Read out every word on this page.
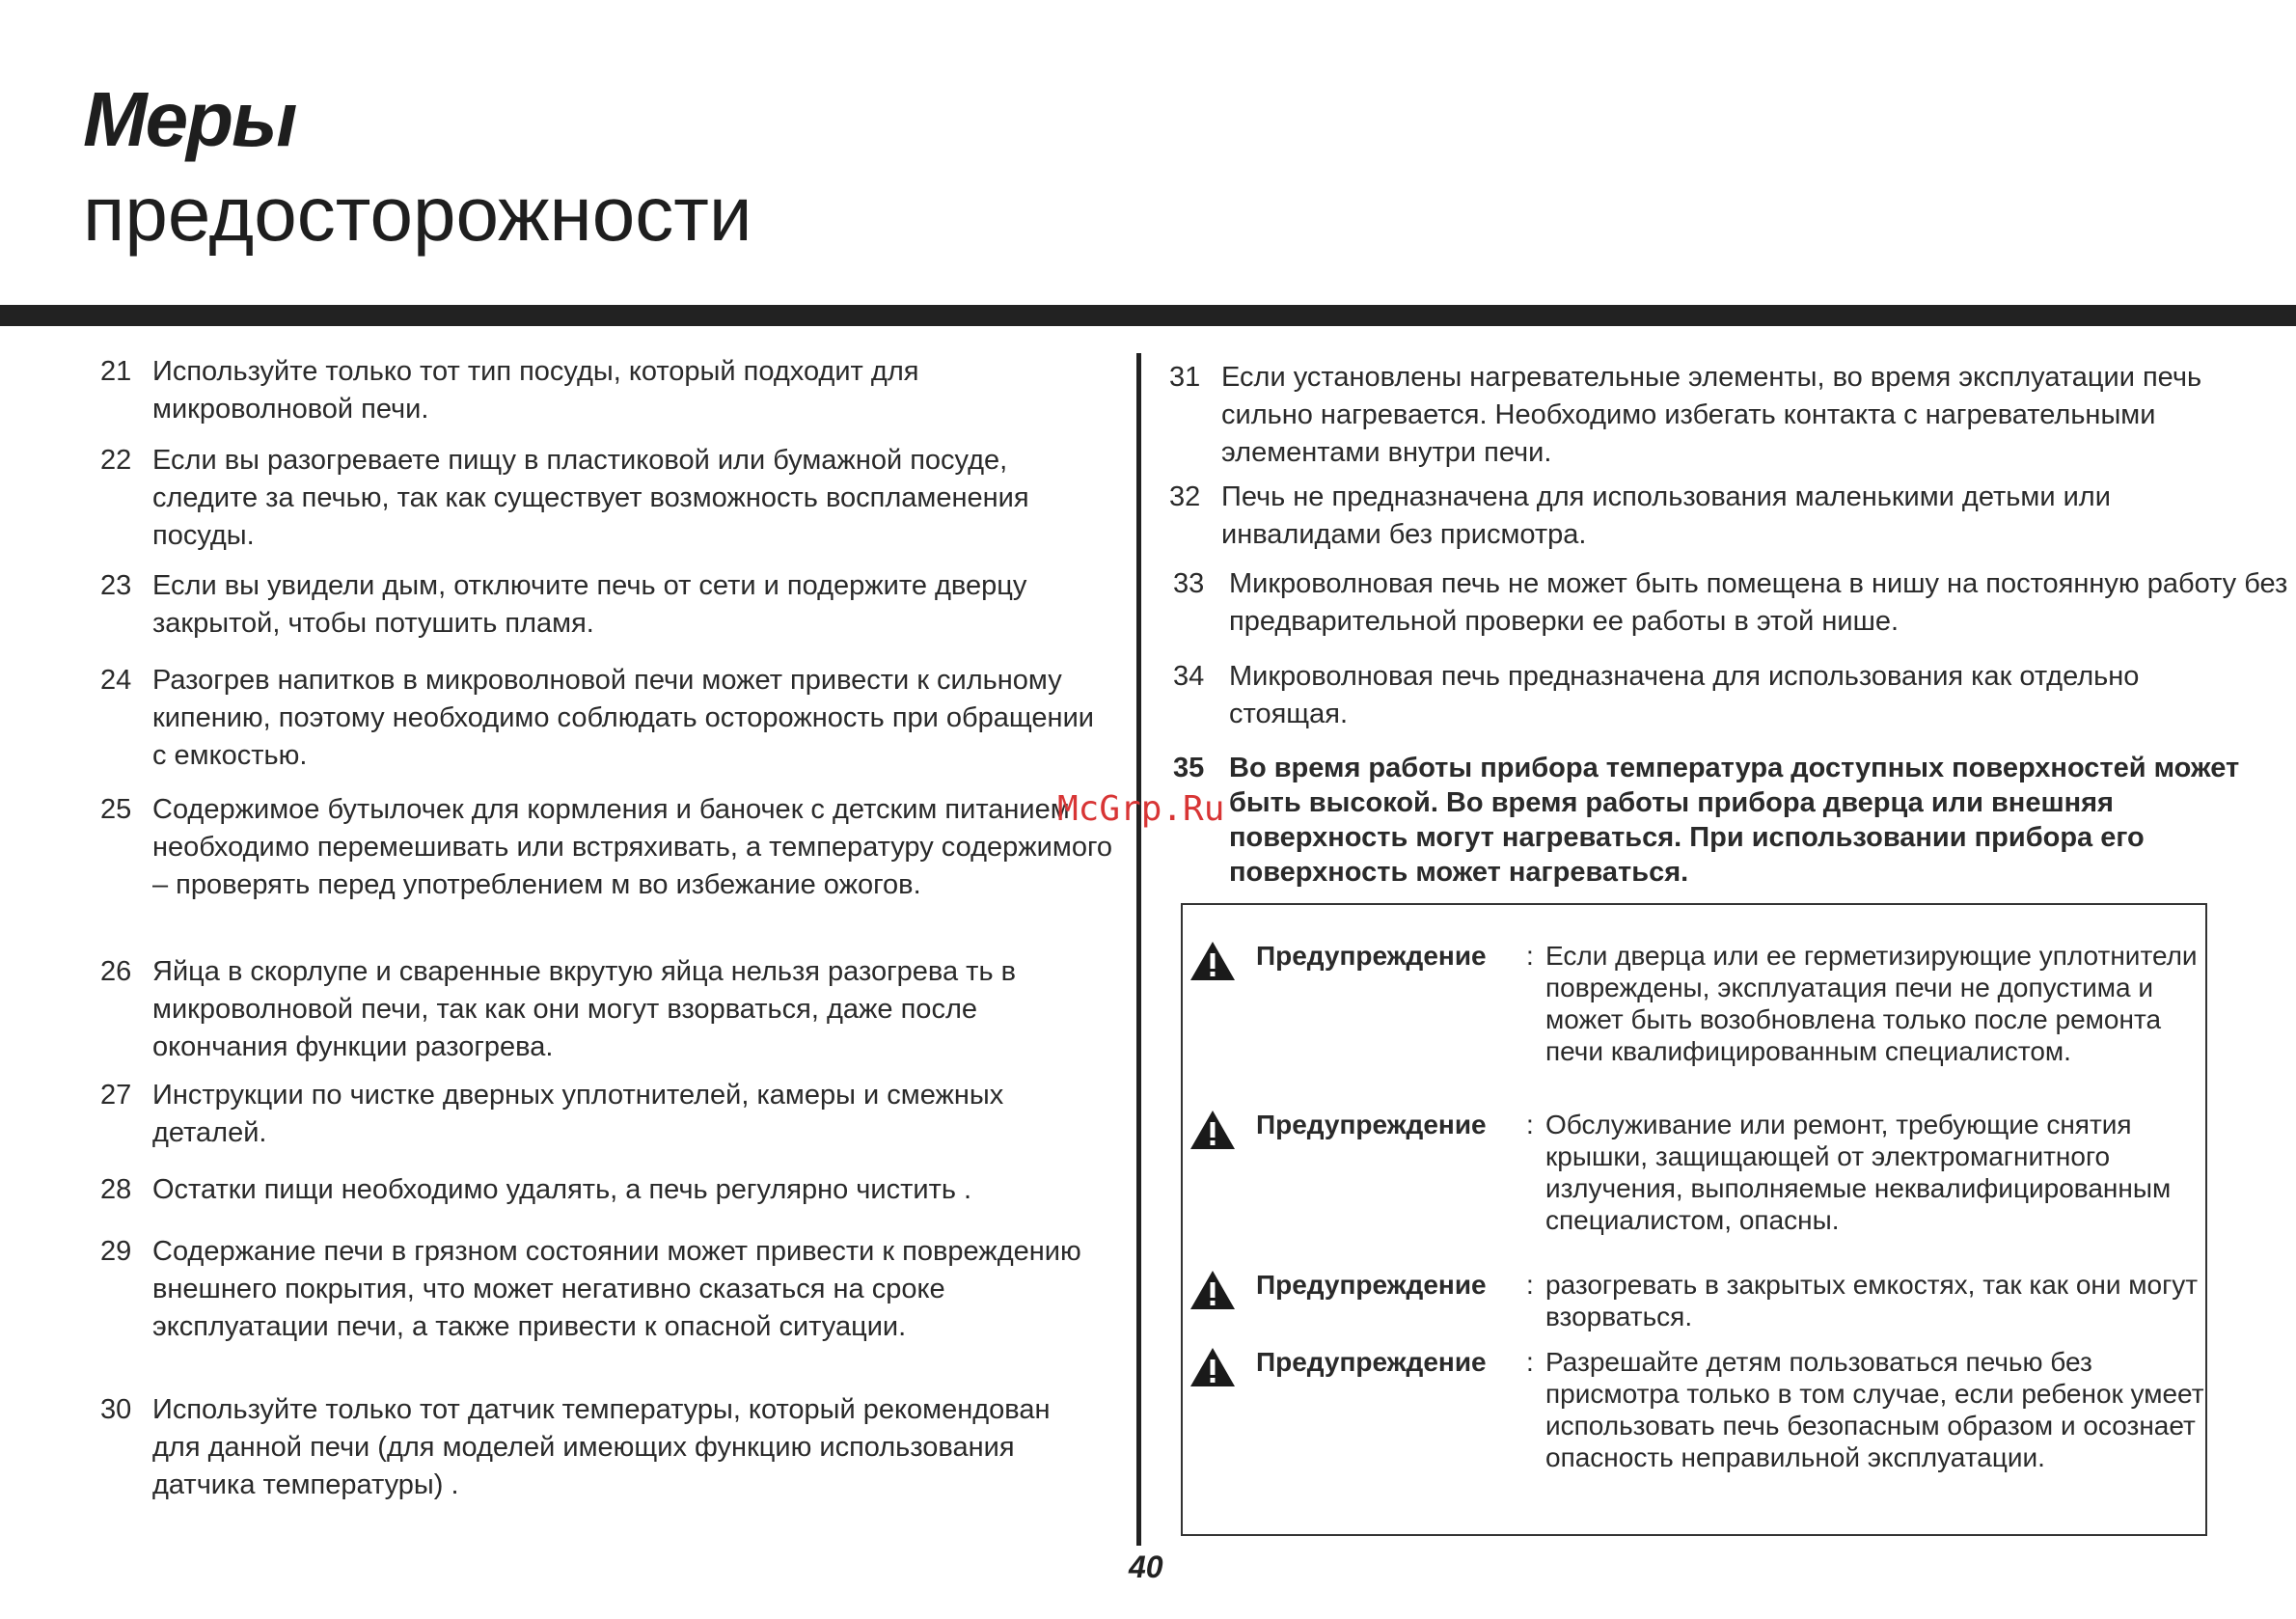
Меры
предосторожности
21 Используйте только тот тип посуды, который подходит для микроволновой печи.
22 Если вы разогреваете пищу в пластиковой или бумажной посуде, следите за печью, так как существует возможность воспламенения посуды.
23 Если вы увидели дым, отключите печь от сети и подержите дверцу закрытой, чтобы потушить пламя.
24 Разогрев напитков в микроволновой печи может привести к сильному кипению, поэтому необходимо соблюдать осторожность при обращении с емкостью.
25 Содержимое бутылочек для кормления и баночек с детским питанием необходимо перемешивать или встряхивать, а температуру содержимого – проверять перед употреблением м во избежание ожогов.
26 Яйца в скорлупе и сваренные вкрутую яйца нельзя разогрева ть в микроволновой печи, так как они могут взорваться, даже после окончания функции разогрева.
27 Инструкции по чистке дверных уплотнителей, камеры и смежных деталей.
28 Остатки пищи необходимо удалять, а печь регулярно чистить .
29 Содержание печи в грязном состоянии может привести к повреждению внешнего покрытия, что может негативно сказаться на сроке эксплуатации печи, а также привести к опасной ситуации.
30 Используйте только тот датчик температуры, который рекомендован для данной печи (для моделей имеющих функцию использования датчика температуры) .
31 Если установлены нагревательные элементы, во время эксплуатации печь сильно нагревается. Необходимо избегать контакта с нагревательными элементами внутри печи.
32 Печь не предназначена для использования маленькими детьми или инвалидами без присмотра.
33 Микроволновая печь не может быть помещена в нишу на постоянную работу без предварительной проверки ее работы в этой нише.
34 Микроволновая печь предназначена для использования как отдельно стоящая.
35 Во время работы прибора температура доступных поверхностей может быть высокой. Во время работы прибора дверца или внешняя поверхность могут нагреваться. При использовании прибора его поверхность может нагреваться.
McGrp.Ru
Предупреждение : Если дверца или ее герметизирующие уплотнители повреждены, эксплуатация печи не допустима и может быть возобновлена только после ремонта печи квалифицированным специалистом.
Предупреждение : Обслуживание или ремонт, требующие снятия крышки, защищающей от электромагнитного излучения, выполняемые неквалифицированным специалистом, опасны.
Предупреждение : разогревать в закрытых емкостях, так как они могут взорваться.
Предупреждение : Разрешайте детям пользоваться печью без присмотра только в том случае, если ребенок умеет использовать печь безопасным образом и осознает опасность неправильной эксплуатации.
40
